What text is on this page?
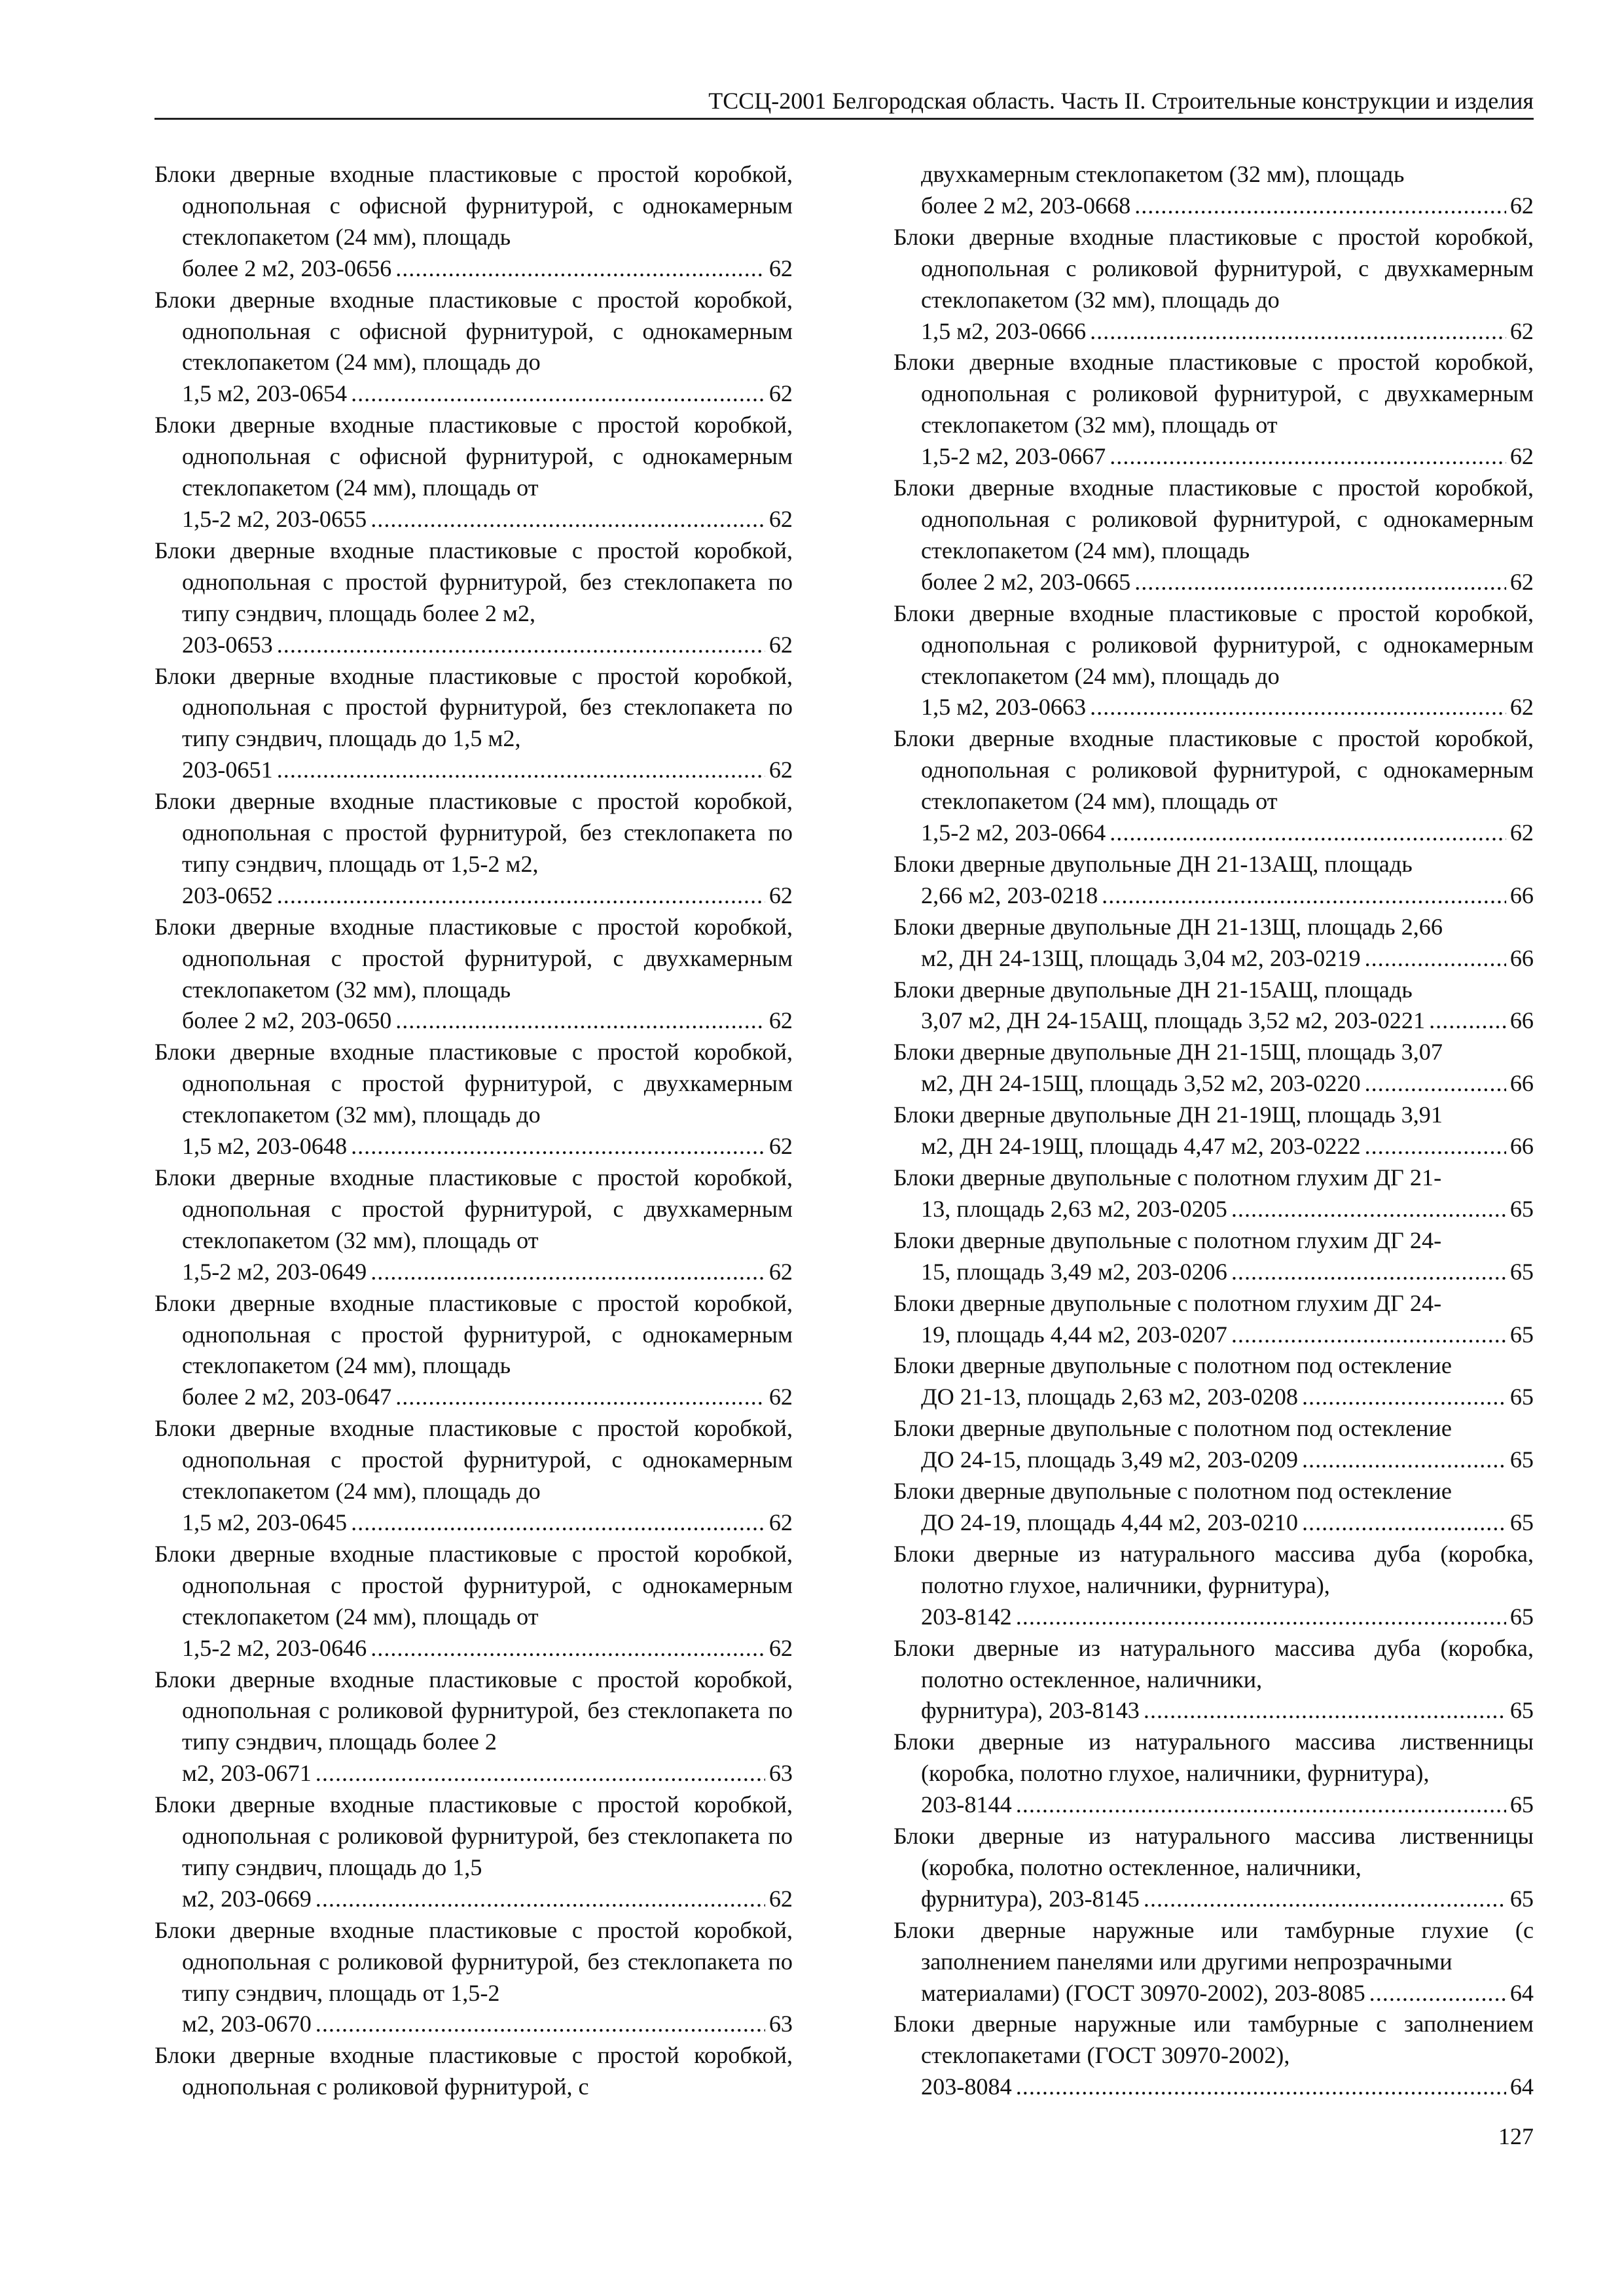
ТССЦ-2001 Белгородская область. Часть II. Строительные конструкции и изделия
Блоки дверные входные пластиковые с простой коробкой, однопольная с офисной фурнитурой, с однокамерным стеклопакетом (24 мм), площадь
более 2 м2, 203-0656 .....	62
Блоки дверные входные пластиковые с простой коробкой, однопольная с офисной фурнитурой, с однокамерным стеклопакетом (24 мм), площадь до
1,5 м2, 203-0654 .....	62
Блоки дверные входные пластиковые с простой коробкой, однопольная с офисной фурнитурой, с однокамерным стеклопакетом (24 мм), площадь от
1,5-2 м2, 203-0655 .....	62
Блоки дверные входные пластиковые с простой коробкой, однопольная с простой фурнитурой, без стеклопакета по типу сэндвич, площадь более 2 м2,
203-0653 .....	62
Блоки дверные входные пластиковые с простой коробкой, однопольная с простой фурнитурой, без стеклопакета по типу сэндвич, площадь до 1,5 м2,
203-0651 .....	62
Блоки дверные входные пластиковые с простой коробкой, однопольная с простой фурнитурой, без стеклопакета по типу сэндвич, площадь от 1,5-2 м2,
203-0652 .....	62
Блоки дверные входные пластиковые с простой коробкой, однопольная с простой фурнитурой, с двухкамерным стеклопакетом (32 мм), площадь
более 2 м2, 203-0650 .....	62
Блоки дверные входные пластиковые с простой коробкой, однопольная с простой фурнитурой, с двухкамерным стеклопакетом (32 мм), площадь до
1,5 м2, 203-0648 .....	62
Блоки дверные входные пластиковые с простой коробкой, однопольная с простой фурнитурой, с двухкамерным стеклопакетом (32 мм), площадь от
1,5-2 м2, 203-0649 .....	62
Блоки дверные входные пластиковые с простой коробкой, однопольная с простой фурнитурой, с однокамерным стеклопакетом (24 мм), площадь
более 2 м2, 203-0647 .....	62
Блоки дверные входные пластиковые с простой коробкой, однопольная с простой фурнитурой, с однокамерным стеклопакетом (24 мм), площадь до
1,5 м2, 203-0645 .....	62
Блоки дверные входные пластиковые с простой коробкой, однопольная с простой фурнитурой, с однокамерным стеклопакетом (24 мм), площадь от
1,5-2 м2, 203-0646 .....	62
Блоки дверные входные пластиковые с простой коробкой, однопольная с роликовой фурнитурой, без стеклопакета по типу сэндвич, площадь более 2
м2, 203-0671 .....	63
Блоки дверные входные пластиковые с простой коробкой, однопольная с роликовой фурнитурой, без стеклопакета по типу сэндвич, площадь до 1,5
м2, 203-0669 .....	62
Блоки дверные входные пластиковые с простой коробкой, однопольная с роликовой фурнитурой, без стеклопакета по типу сэндвич, площадь от 1,5-2
м2, 203-0670 .....	63
Блоки дверные входные пластиковые с простой коробкой, однопольная с роликовой фурнитурой, с
двухкамерным стеклопакетом (32 мм), площадь
более 2 м2, 203-0668 .....	62
Блоки дверные входные пластиковые с простой коробкой, однопольная с роликовой фурнитурой, с двухкамерным стеклопакетом (32 мм), площадь до
1,5 м2, 203-0666 .....	62
Блоки дверные входные пластиковые с простой коробкой, однопольная с роликовой фурнитурой, с двухкамерным стеклопакетом (32 мм), площадь от
1,5-2 м2, 203-0667 .....	62
Блоки дверные входные пластиковые с простой коробкой, однопольная с роликовой фурнитурой, с однокамерным стеклопакетом (24 мм), площадь
более 2 м2, 203-0665 .....	62
Блоки дверные входные пластиковые с простой коробкой, однопольная с роликовой фурнитурой, с однокамерным стеклопакетом (24 мм), площадь до
1,5 м2, 203-0663 .....	62
Блоки дверные входные пластиковые с простой коробкой, однопольная с роликовой фурнитурой, с однокамерным стеклопакетом (24 мм), площадь от
1,5-2 м2, 203-0664 .....	62
Блоки дверные двупольные ДН 21-13АЩ, площадь
2,66 м2, 203-0218 .....	66
Блоки дверные двупольные ДН 21-13Щ, площадь 2,66
м2, ДН 24-13Щ, площадь 3,04 м2, 203-0219 .....	66
Блоки дверные двупольные ДН 21-15АЩ, площадь
3,07 м2, ДН 24-15АЩ, площадь 3,52 м2, 203-0221 .....	66
Блоки дверные двупольные ДН 21-15Щ, площадь 3,07
м2, ДН 24-15Щ, площадь 3,52 м2, 203-0220 .....	66
Блоки дверные двупольные ДН 21-19Щ, площадь 3,91
м2, ДН 24-19Щ, площадь 4,47 м2, 203-0222 .....	66
Блоки дверные двупольные с полотном глухим ДГ 21-
13, площадь 2,63 м2, 203-0205 .....	65
Блоки дверные двупольные с полотном глухим ДГ 24-
15, площадь 3,49 м2, 203-0206 .....	65
Блоки дверные двупольные с полотном глухим ДГ 24-
19, площадь 4,44 м2, 203-0207 .....	65
Блоки дверные двупольные с полотном под остекление
ДО 21-13, площадь 2,63 м2, 203-0208 .....	65
Блоки дверные двупольные с полотном под остекление
ДО 24-15, площадь 3,49 м2, 203-0209 .....	65
Блоки дверные двупольные с полотном под остекление
ДО 24-19, площадь 4,44 м2, 203-0210 .....	65
Блоки дверные из натурального массива дуба (коробка, полотно глухое, наличники, фурнитура),
203-8142 .....	65
Блоки дверные из натурального массива дуба (коробка, полотно остекленное, наличники,
фурнитура), 203-8143 .....	65
Блоки дверные из натурального массива лиственницы (коробка, полотно глухое, наличники, фурнитура),
203-8144 .....	65
Блоки дверные из натурального массива лиственницы (коробка, полотно остекленное, наличники,
фурнитура), 203-8145 .....	65
Блоки дверные наружные или тамбурные глухие (с заполнением панелями или другими непрозрачными
материалами) (ГОСТ 30970-2002), 203-8085 .....	64
Блоки дверные наружные или тамбурные с заполнением стеклопакетами (ГОСТ 30970-2002),
203-8084 .....	64
127
